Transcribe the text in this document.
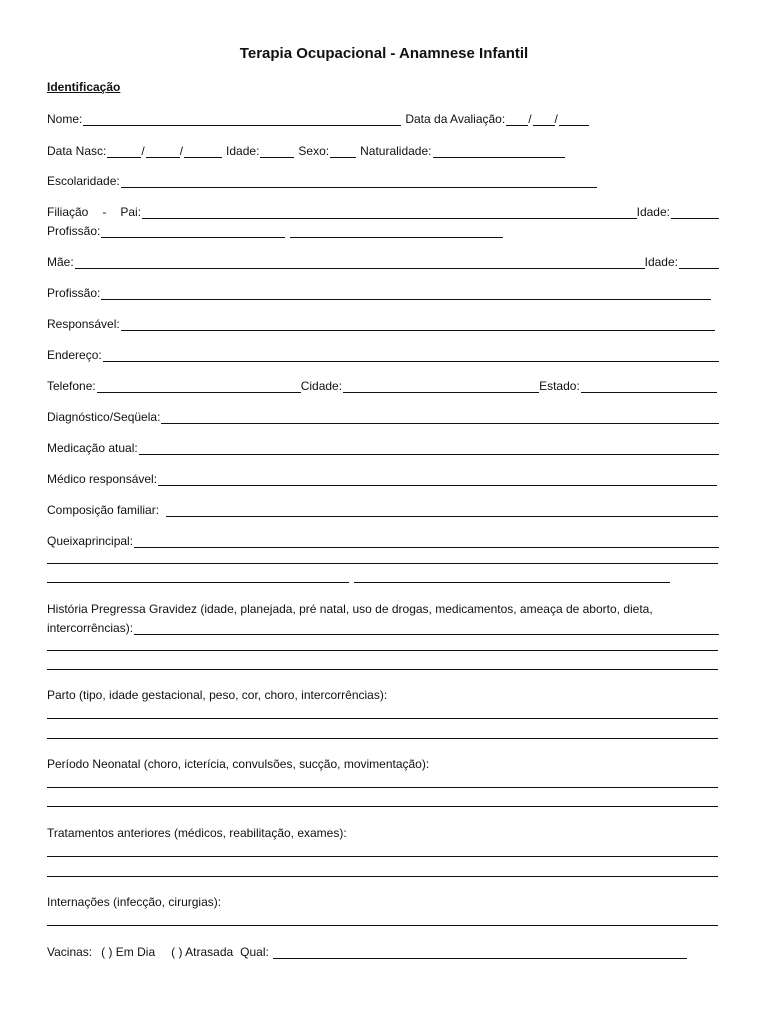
Terapia Ocupacional - Anamnese Infantil
Identificação
Nome:	Data da Avaliação: / /
Data Nasc:	/	/	Idade:	Sexo:	Naturalidade:
Escolaridade:
Filiação - Pai:	Idade:
Profissão:
Mãe:	Idade:
Profissão:
Responsável:
Endereço:
Telefone:	Cidade:	Estado:
Diagnóstico/Seqüela:
Medicação atual:
Médico responsável:
Composição familiar:
Queixaprincipal:
História Pregressa Gravidez (idade, planejada, pré natal, uso de drogas, medicamentos, ameaça de aborto, dieta,
intercorrências):
Parto (tipo, idade gestacional, peso, cor, choro, intercorrências):
Período Neonatal (choro, icterícia, convulsões, sucção, movimentação):
Tratamentos anteriores (médicos, reabilitação, exames):
Internações (infecção, cirurgias):
Vacinas: ( ) Em Dia ( ) Atrasada Qual:
